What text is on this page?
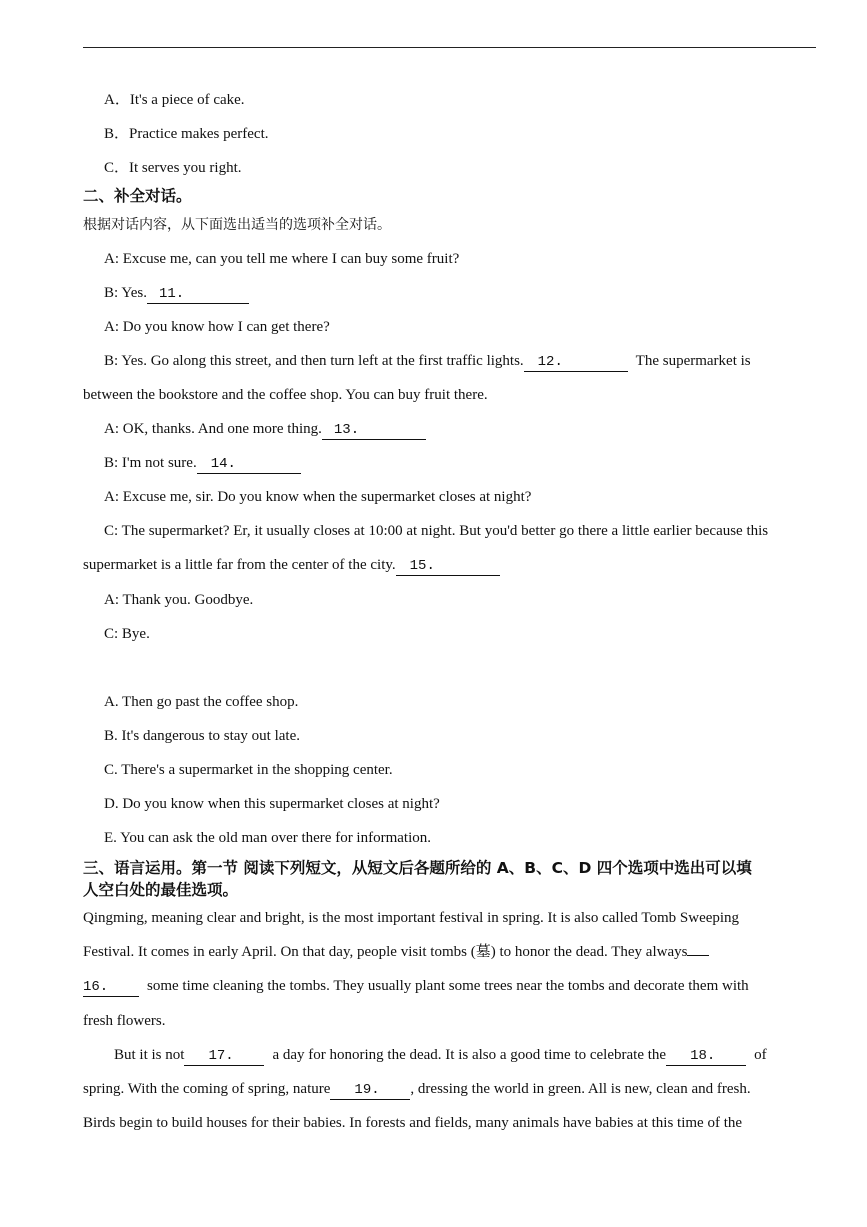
A．It's a piece of cake.
B．Practice makes perfect.
C．It serves you right.
二、补全对话。
根据对话内容，从下面选出适当的选项补全对话。
A: Excuse me, can you tell me where I can buy some fruit?
B: Yes. 11.
A: Do you know how I can get there?
B: Yes. Go along this street, and then turn left at the first traffic lights. 12.	The supermarket is
between the bookstore and the coffee shop. You can buy fruit there.
A: OK, thanks. And one more thing. 13.
B: I'm not sure. 14.
A: Excuse me, sir. Do you know when the supermarket closes at night?
C: The supermarket? Er, it usually closes at 10:00 at night. But you'd better go there a little earlier because this
supermarket is a little far from the center of the city. 15.
A: Thank you. Goodbye.
C: Bye.
A. Then go past the coffee shop.
B. It's dangerous to stay out late.
C. There's a supermarket in the shopping center.
D. Do you know when this supermarket closes at night?
E. You can ask the old man over there for information.
三、语言运用。第一节 阅读下列短文，从短文后各题所给的 A、B、C、D 四个选项中选出可以填
人空白处的最佳选项。
Qingming, meaning clear and bright, is the most important festival in spring. It is also called Tomb Sweeping
Festival. It comes in early April. On that day, people visit tombs (墓) to honor the dead. They always
16.	some time cleaning the tombs. They usually plant some trees near the tombs and decorate them with
fresh flowers.
But it is not 17.	a day for honoring the dead. It is also a good time to celebrate the 18.	of
spring. With the coming of spring, nature 19. , dressing the world in green. All is new, clean and fresh.
Birds begin to build houses for their babies. In forests and fields, many animals have babies at this time of the
